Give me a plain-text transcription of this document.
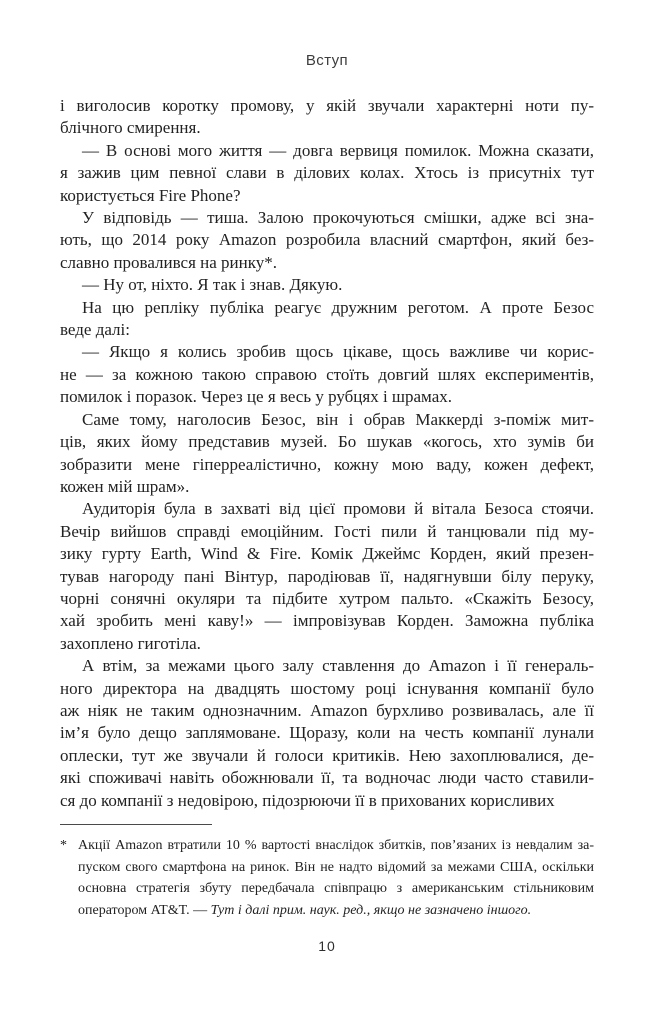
Вступ
і виголосив коротку промову, у якій звучали характерні ноти пу-
блічного смирення.
— В основі мого життя — довга вервиця помилок. Можна сказати,
я зажив цим певної слави в ділових колах. Хтось із присутніх тут
користується Fire Phone?
У відповідь — тиша. Залою прокочуються смішки, адже всі зна-
ють, що 2014 року Amazon розробила власний смартфон, який без-
славно провалився на ринку*.
— Ну от, ніхто. Я так і знав. Дякую.
На цю репліку публіка реагує дружним реготом. А проте Безос
веде далі:
— Якщо я колись зробив щось цікаве, щось важливе чи корис-
не — за кожною такою справою стоїть довгий шлях експериментів,
помилок і поразок. Через це я весь у рубцях і шрамах.
Саме тому, наголосив Безос, він і обрав Маккерді з-поміж мит-
ців, яких йому представив музей. Бо шукав «когось, хто зумів би
зобразити мене гіперреалістично, кожну мою ваду, кожен дефект,
кожен мій шрам».
Аудиторія була в захваті від цієї промови й вітала Безоса стоячи.
Вечір вийшов справді емоційним. Гості пили й танцювали під му-
зику гурту Earth, Wind & Fire. Комік Джеймс Корден, який презен-
тував нагороду пані Вінтур, пародіював її, надягнувши білу перуку,
чорні сонячні окуляри та підбите хутром пальто. «Скажіть Безосу,
хай зробить мені каву!» — імпровізував Корден. Заможна публіка
захоплено гиготіла.
А втім, за межами цього залу ставлення до Amazon і її генераль-
ного директора на двадцять шостому році існування компанії було
аж ніяк не таким однозначним. Amazon бурхливо розвивалась, але її
ім’я було дещо заплямоване. Щоразу, коли на честь компанії лунали
оплески, тут же звучали й голоси критиків. Нею захоплювалися, де-
які споживачі навіть обожнювали її, та водночас люди часто ставили-
ся до компанії з недовірою, підозрюючи її в прихованих корисливих
* Акції Amazon втратили 10 % вартості внаслідок збитків, пов’язаних із невдалим за-
пуском свого смартфона на ринок. Він не надто відомий за межами США, оскільки
основна стратегія збуту передбачала співпрацю з американським стільниковим
оператором AT&T. — Тут і далі прим. наук. ред., якщо не зазначено іншого.
10
